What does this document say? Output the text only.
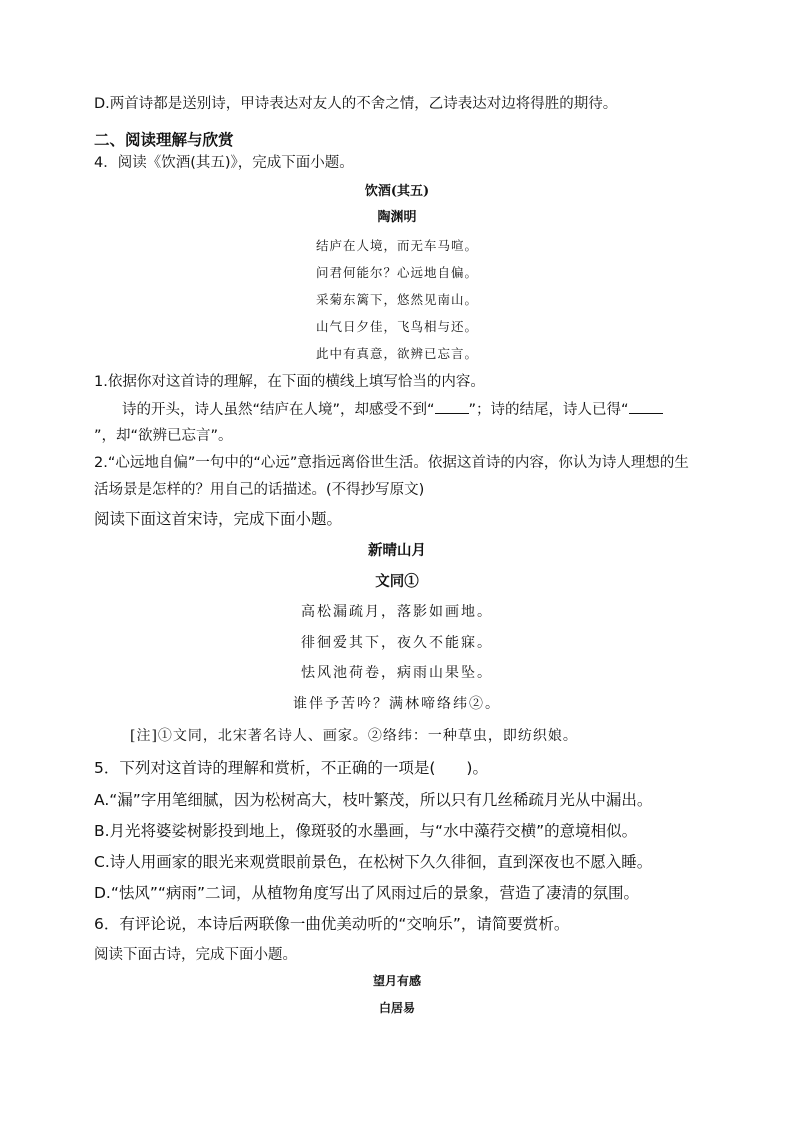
D.两首诗都是送别诗，甲诗表达对友人的不舍之情，乙诗表达对边将得胜的期待。
二、阅读理解与欣赏
4．阅读《饮酒(其五)》，完成下面小题。
饮酒(其五)
陶渊明
结庐在人境，而无车马喧。
问君何能尔？心远地自偏。
采菊东篱下，悠然见南山。
山气日夕佳，飞鸟相与还。
此中有真意，欲辨已忘言。
1.依据你对这首诗的理解，在下面的横线上填写恰当的内容。
诗的开头，诗人虽然“结庐在人境”，却感受不到“ ”；诗的结尾，诗人已得“
”，却“欲辨已忘言”。
2.“心远地自偏”一句中的“心远”意指远离俗世生活。依据这首诗的内容，你认为诗人理想的生
活场景是怎样的？用自己的话描述。(不得抄写原文)
阅读下面这首宋诗，完成下面小题。
新晴山月
文同①
高松漏疏月，落影如画地。
徘徊爱其下，夜久不能寐。
怯风池荷卷，病雨山果坠。
谁伴予苦吟？满林啼络纬②。
[注]①文同，北宋著名诗人、画家。②络纬：一种草虫，即纺织娘。
5．下列对这首诗的理解和赏析，不正确的一项是(　　)。
A.“漏”字用笔细腻，因为松树高大，枝叶繁茂，所以只有几丝稀疏月光从中漏出。
B.月光将婆娑树影投到地上，像斑驳的水墨画，与“水中藻荇交横”的意境相似。
C.诗人用画家的眼光来观赏眼前景色，在松树下久久徘徊，直到深夜也不愿入睡。
D.“怯风”“病雨”二词，从植物角度写出了风雨过后的景象，营造了凄清的氛围。
6．有评论说，本诗后两联像一曲优美动听的“交响乐”，请简要赏析。
阅读下面古诗，完成下面小题。
望月有感
白居易
